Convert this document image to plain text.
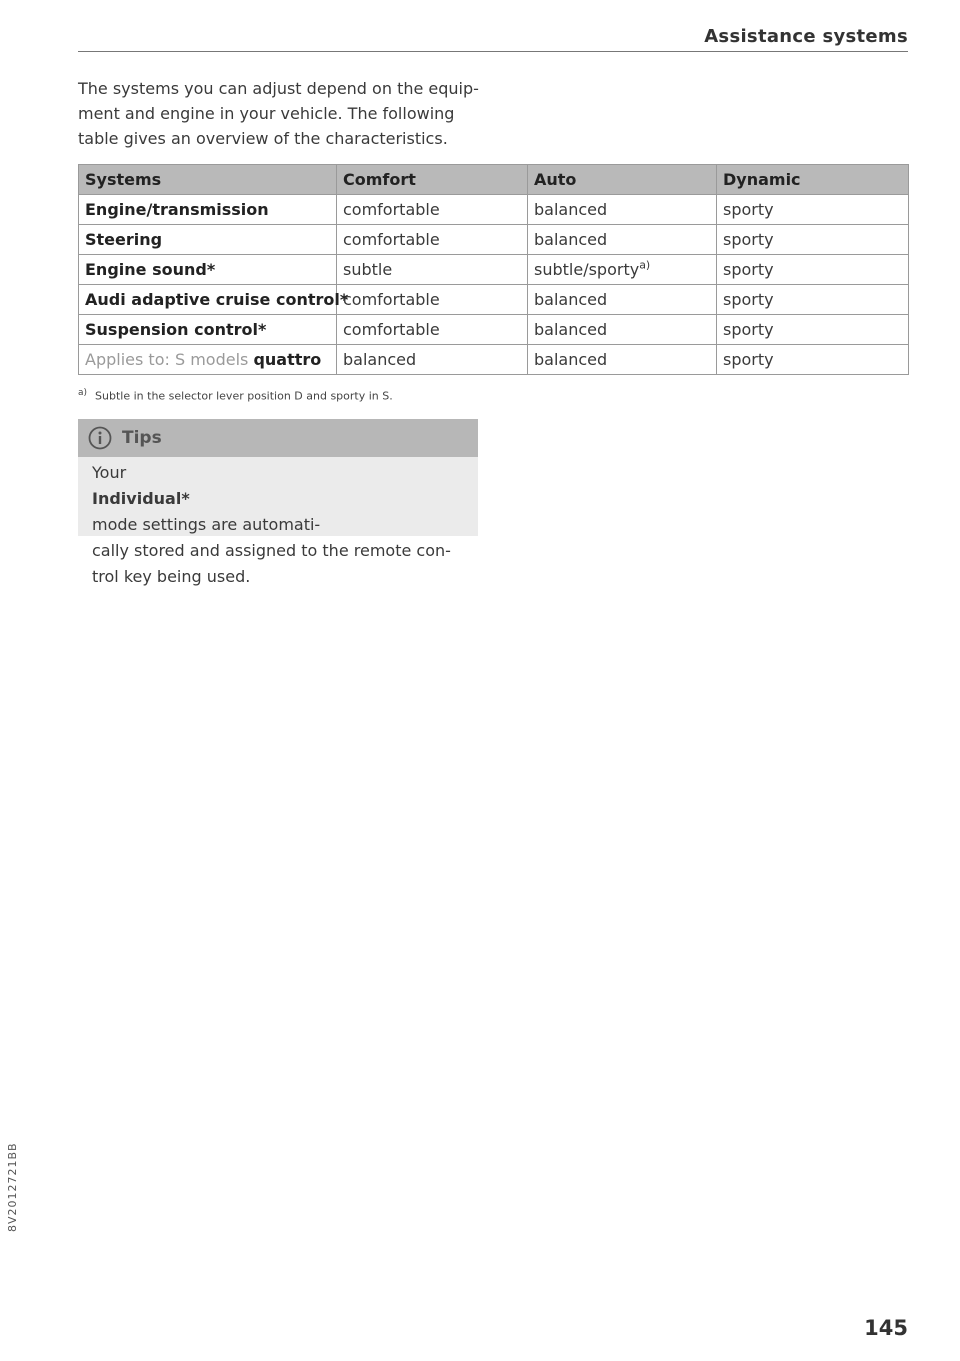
Assistance systems
The systems you can adjust depend on the equip-
ment and engine in your vehicle. The following
table gives an overview of the characteristics.
Systems	Comfort	Auto	Dynamic
Engine/transmission	comfortable	balanced	sporty
Steering	comfortable	balanced	sporty
Engine sound*	subtle	subtle/sporty$^{a)}$	sporty
Audi adaptive cruise control*	comfortable	balanced	sporty
Suspension control*	comfortable	balanced	sporty
Applies to: S models quattro	balanced	balanced	sporty
$^{a)}$ Subtle in the selector lever position D and sporty in S.
Tips
Your
Individual*
mode settings are automati-
cally stored and assigned to the remote con-
trol key being used.
8V2012721BB
145
